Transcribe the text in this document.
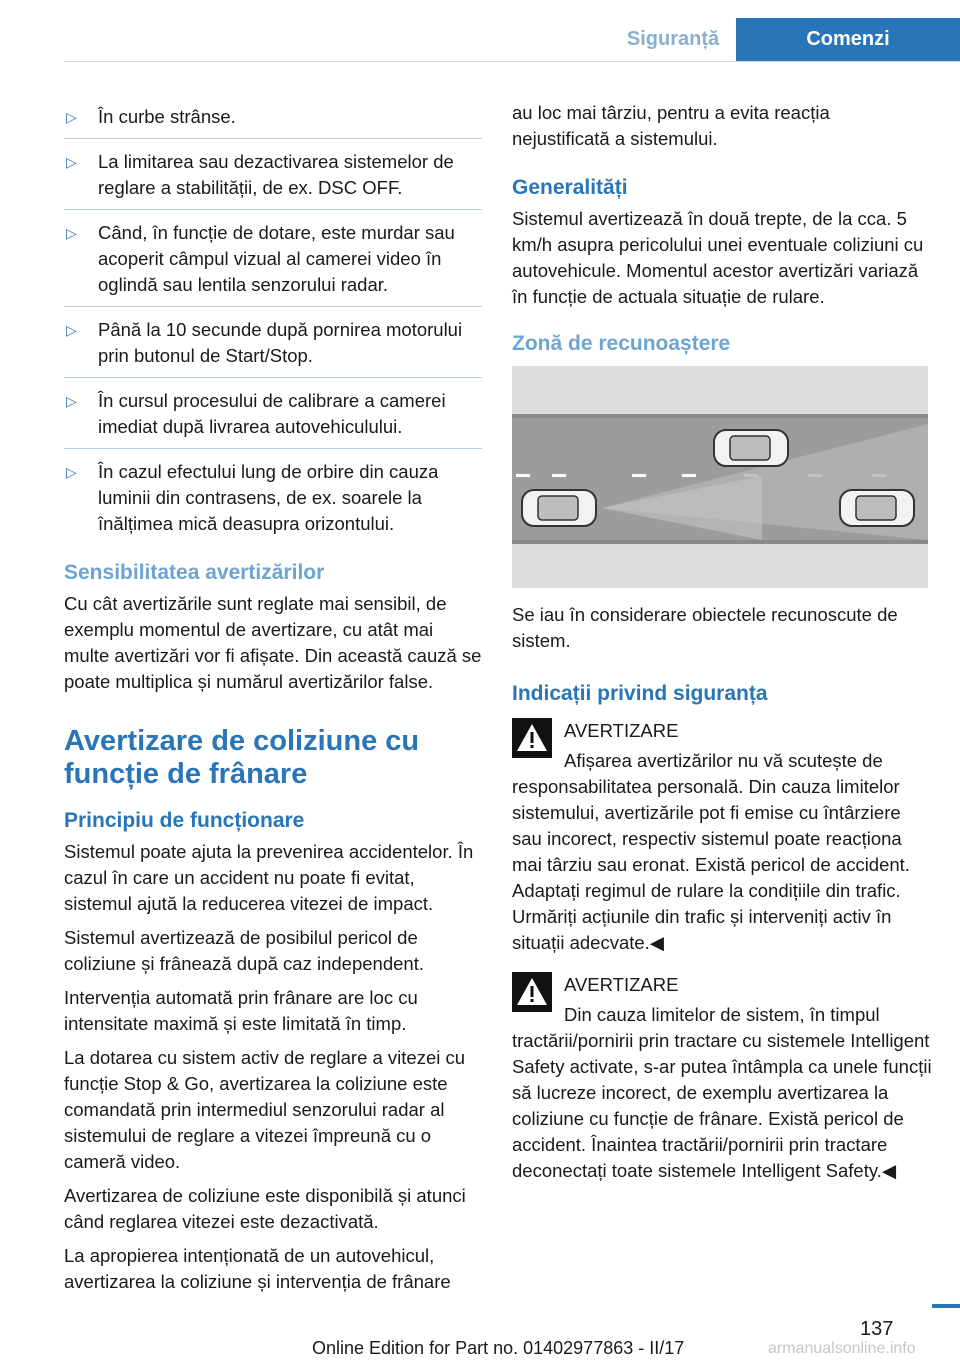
Siguranță	Comenzi
▷ În curbe strânse.
▷ La limitarea sau dezactivarea sistemelor de reglare a stabilității, de ex. DSC OFF.
▷ Când, în funcție de dotare, este murdar sau acoperit câmpul vizual al camerei video în oglindă sau lentila senzorului radar.
▷ Până la 10 secunde după pornirea motorului prin butonul de Start/Stop.
▷ În cursul procesului de calibrare a camerei imediat după livrarea autovehiculului.
▷ În cazul efectului lung de orbire din cauza luminii din contrasens, de ex. soarele la înălțimea mică deasupra orizontului.
Sensibilitatea avertizărilor

Cu cât avertizările sunt reglate mai sensibil, de exemplu momentul de avertizare, cu atât mai multe avertizări vor fi afișate. Din această cauză se poate multiplica și numărul avertizărilor false.

Avertizare de coliziune cu funcție de frânare
Principiu de funcționare

Sistemul poate ajuta la prevenirea accidentelor. În cazul în care un accident nu poate fi evitat, sistemul ajută la reducerea vitezei de impact.

Sistemul avertizează de posibilul pericol de coliziune și frânează după caz independent.

Intervenția automată prin frânare are loc cu intensitate maximă și este limitată în timp.

La dotarea cu sistem activ de reglare a vitezei cu funcție Stop & Go, avertizarea la coliziune este comandată prin intermediul senzorului radar al sistemului de reglare a vitezei împreună cu o cameră video.

Avertizarea de coliziune este disponibilă și atunci când reglarea vitezei este dezactivată.

La apropierea intenționată de un autovehicul, avertizarea la coliziune și intervenția de frânare

au loc mai târziu, pentru a evita reacția nejustificată a sistemului.

Generalități

Sistemul avertizează în două trepte, de la cca. 5 km/h asupra pericolului unei eventuale coliziuni cu autovehicule. Momentul acestor avertizări variază în funcție de actuala situație de rulare.

Zonă de recunoaștere

Se iau în considerare obiectele recunoscute de sistem.

Indicații privind siguranța
AVERTIZARE

Afișarea avertizărilor nu vă scutește de responsabilitatea personală. Din cauza limitelor sistemului, avertizările pot fi emise cu întârziere sau incorect, respectiv sistemul poate reacționa mai târziu sau eronat. Există pericol de accident. Adaptați regimul de rulare la condițiile din trafic. Urmăriți acțiunile din trafic și interveniți activ în situații adecvate.◀

AVERTIZARE

Din cauza limitelor de sistem, în timpul tractării/pornirii prin tractare cu sistemele Intelligent Safety activate, s-ar putea întâmpla ca unele funcții să lucreze incorect, de exemplu avertizarea la coliziune cu funcție de frânare. Există pericol de accident. Înaintea tractării/pornirii prin tractare deconectați toate sistemele Intelligent Safety.◀

137
Online Edition for Part no. 01402977863 - II/17	armanualsonline.info
